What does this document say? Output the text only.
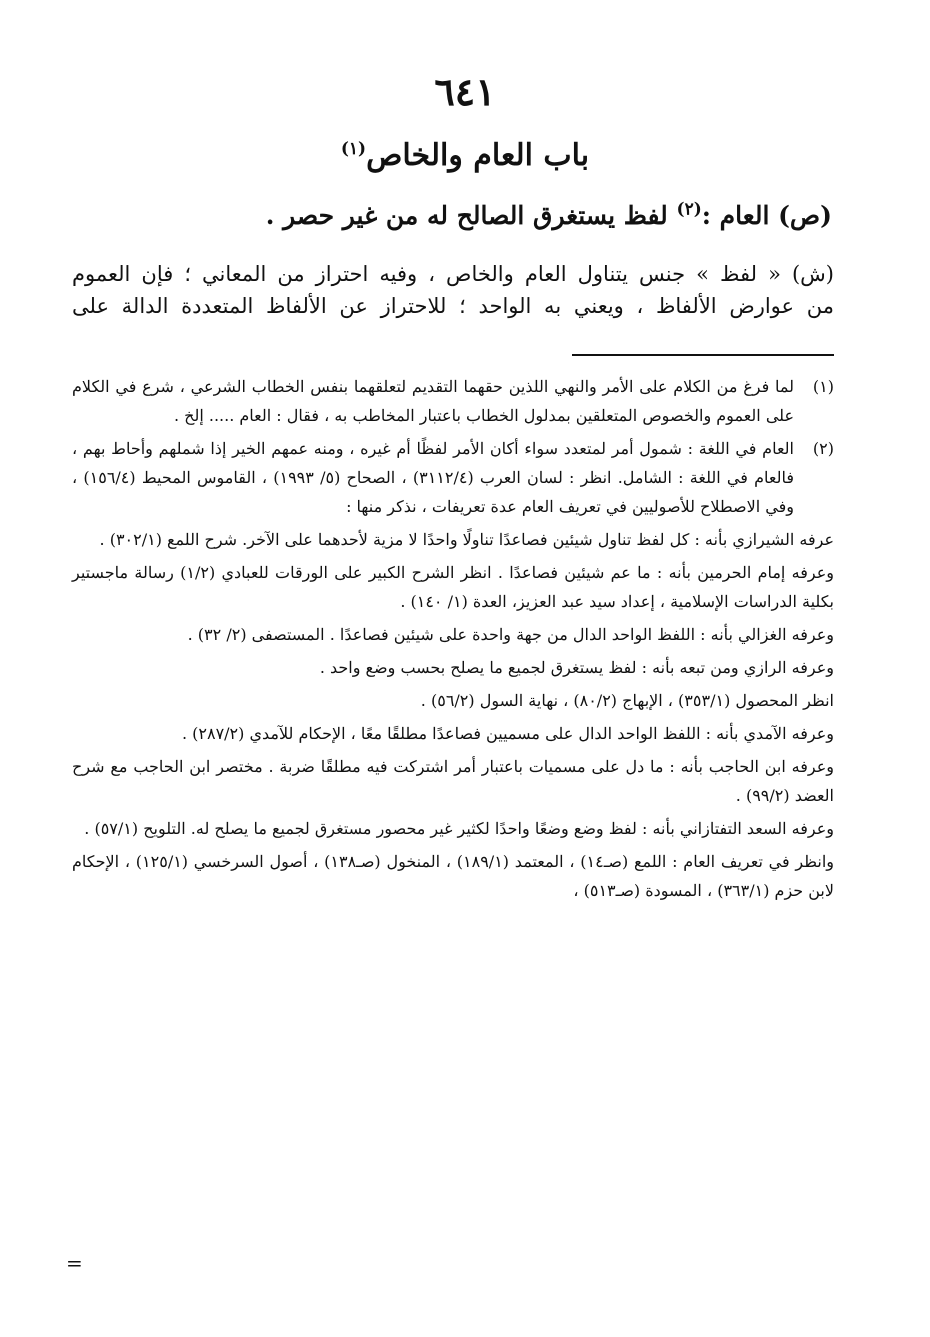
٦٤١
باب العام والخاص$^{(١)}$
(ص) العام :$^{(٢)}$ لفظ يستغرق الصالح له من غير حصر .
(ش) « لفظ » جنس يتناول العام والخاص ، وفيه احتراز من المعاني ؛ فإن العموم
من عوارض الألفاظ ، ويعني به الواحد ؛ للاحتراز عن الألفاظ المتعددة الدالة على
(١)

لما فرغ من الكلام على الأمر والنهي اللذين حقهما التقديم لتعلقهما بنفس الخطاب الشرعي ، شرع في الكلام على العموم والخصوص المتعلقين بمدلول الخطاب باعتبار المخاطب به ، فقال : العام ..... إلخ .

(٢)

العام في اللغة : شمول أمر لمتعدد سواء أكان الأمر لفظًا أم غيره ، ومنه عمهم الخير إذا شملهم وأحاط بهم ، فالعام في اللغة : الشامل. انظر : لسان العرب (٣١١٢/٤) ، الصحاح (٥/ ١٩٩٣) ، القاموس المحيط (١٥٦/٤) ، وفي الاصطلاح للأصوليين في تعريف العام عدة تعريفات ، نذكر منها :

عرفه الشيرازي بأنه : كل لفظ تناول شيئين فصاعدًا تناولًا واحدًا لا مزية لأحدهما على الآخر. شرح اللمع (٣٠٢/١) .

وعرفه إمام الحرمين بأنه : ما عم شيئين فصاعدًا . انظر الشرح الكبير على الورقات للعبادي (١/٢) رسالة ماجستير بكلية الدراسات الإسلامية ، إعداد سيد عبد العزيز، العدة (١/ ١٤٠) .

وعرفه الغزالي بأنه : اللفظ الواحد الدال من جهة واحدة على شيئين فصاعدًا . المستصفى (٢/ ٣٢) .

وعرفه الرازي ومن تبعه بأنه : لفظ يستغرق لجميع ما يصلح بحسب وضع واحد .

انظر المحصول (٣٥٣/١) ، الإبهاج (٨٠/٢) ، نهاية السول (٥٦/٢) .

وعرفه الآمدي بأنه : اللفظ الواحد الدال على مسميين فصاعدًا مطلقًا معًا ، الإحكام للآمدي (٢٨٧/٢) .

وعرفه ابن الحاجب بأنه : ما دل على مسميات باعتبار أمر اشتركت فيه مطلقًا ضربة . مختصر ابن الحاجب مع شرح العضد (٩٩/٢) .

وعرفه السعد التفتازاني بأنه : لفظ وضع وضعًا واحدًا لكثير غير محصور مستغرق لجميع ما يصلح له. التلويح (٥٧/١) .

وانظر في تعريف العام : اللمع (صـ١٤) ، المعتمد (١٨٩/١) ، المنخول (صـ١٣٨) ، أصول السرخسي (١٢٥/١) ، الإحكام لابن حزم (٣٦٣/١) ، المسودة (صـ٥١٣) ،

=
